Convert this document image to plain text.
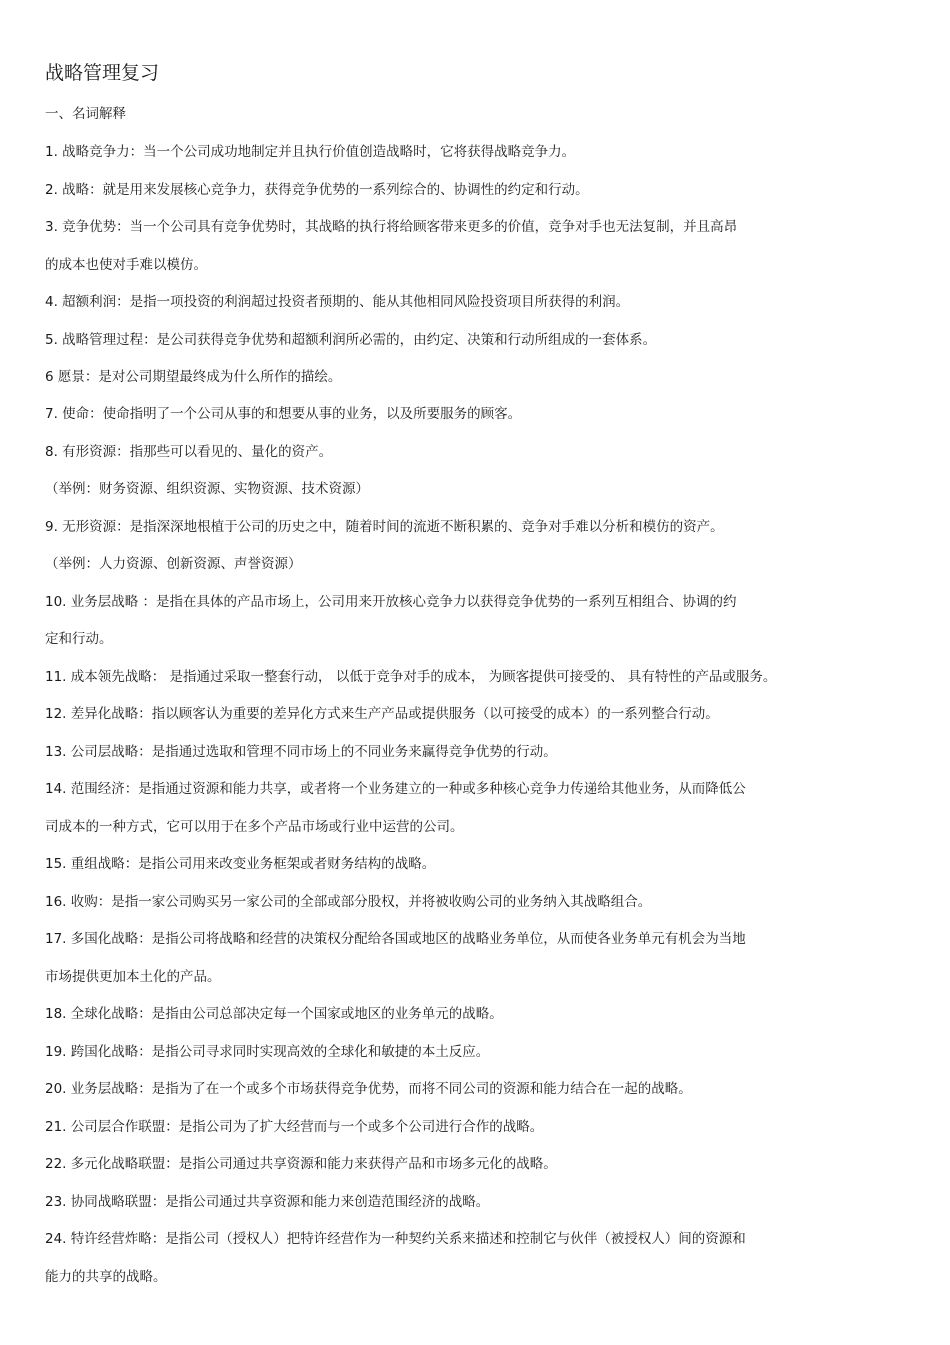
战略管理复习
一、名词解释
1. 战略竞争力：当一个公司成功地制定并且执行价值创造战略时，它将获得战略竞争力。
2. 战略：就是用来发展核心竞争力，获得竞争优势的一系列综合的、协调性的约定和行动。
3. 竞争优势：当一个公司具有竞争优势时，其战略的执行将给顾客带来更多的价值，竞争对手也无法复制，并且高昂
的成本也使对手难以模仿。
4. 超额利润：是指一项投资的利润超过投资者预期的、能从其他相同风险投资项目所获得的利润。
5. 战略管理过程：是公司获得竞争优势和超额利润所必需的，由约定、决策和行动所组成的一套体系。
6 愿景：是对公司期望最终成为什么所作的描绘。
7. 使命：使命指明了一个公司从事的和想要从事的业务，以及所要服务的顾客。
8. 有形资源：指那些可以看见的、量化的资产。
（举例：财务资源、组织资源、实物资源、技术资源）
9. 无形资源：是指深深地根植于公司的历史之中，随着时间的流逝不断积累的、竞争对手难以分析和模仿的资产。
（举例：人力资源、创新资源、声誉资源）
10. 业务层战略 ：是指在具体的产品市场上，公司用来开放核心竞争力以获得竞争优势的一系列互相组合、协调的约
定和行动。
11. 成本领先战略： 是指通过采取一整套行动， 以低于竞争对手的成本， 为顾客提供可接受的、 具有特性的产品或服务。
12. 差异化战略：指以顾客认为重要的差异化方式来生产产品或提供服务（以可接受的成本）的一系列整合行动。
13. 公司层战略：是指通过选取和管理不同市场上的不同业务来赢得竞争优势的行动。
14. 范围经济：是指通过资源和能力共享，或者将一个业务建立的一种或多种核心竞争力传递给其他业务，从而降低公
司成本的一种方式，它可以用于在多个产品市场或行业中运营的公司。
15. 重组战略：是指公司用来改变业务框架或者财务结构的战略。
16. 收购：是指一家公司购买另一家公司的全部或部分股权，并将被收购公司的业务纳入其战略组合。
17. 多国化战略：是指公司将战略和经营的决策权分配给各国或地区的战略业务单位，从而使各业务单元有机会为当地
市场提供更加本土化的产品。
18. 全球化战略：是指由公司总部决定每一个国家或地区的业务单元的战略。
19. 跨国化战略：是指公司寻求同时实现高效的全球化和敏捷的本土反应。
20. 业务层战略：是指为了在一个或多个市场获得竞争优势，而将不同公司的资源和能力结合在一起的战略。
21. 公司层合作联盟：是指公司为了扩大经营而与一个或多个公司进行合作的战略。
22. 多元化战略联盟：是指公司通过共享资源和能力来获得产品和市场多元化的战略。
23. 协同战略联盟：是指公司通过共享资源和能力来创造范围经济的战略。
24. 特许经营炸略：是指公司（授权人）把特许经营作为一种契约关系来描述和控制它与伙伴（被授权人）间的资源和
能力的共享的战略。
